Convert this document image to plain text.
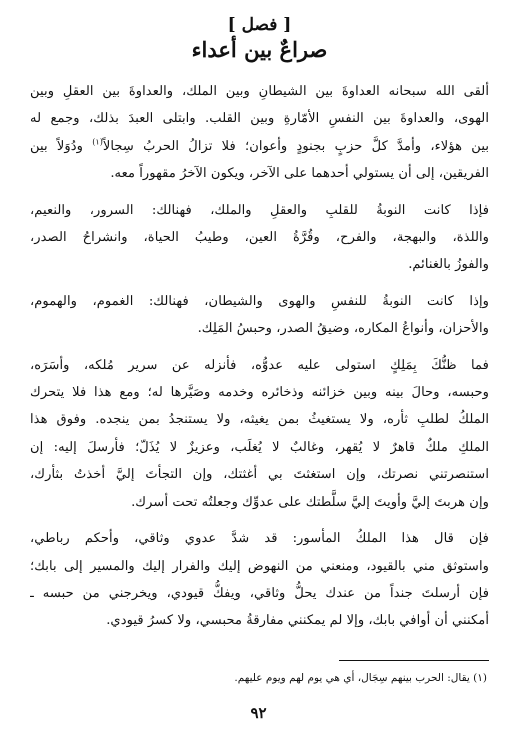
[ فصل ]
صراعٌ بين أعداء
ألقى الله سبحانه العداوةَ بين الشيطانِ وبين الملك، والعداوةَ بين العقلِ وبين
الهوى، والعداوةَ بين النفسِ الأمّارةِ وبين القلب. وابتلى العبدَ بذلك، وجمع له
بين هؤلاء، وأمدَّ كلَّ حزبٍ بجنودٍ وأعوان؛ فلا تزالُ الحربُ سِجالاً$^{(١)}$ ودُوَلاً بين
الفريقين، إلى أن يستولي أحدهما على الآخر، ويكون الآخرُ مقهوراً معه.
فإذا كانت النوبةُ للقلبِ والعقلِ والملك، فهنالك: السرور، والنعيم،
واللذة، والبهجة، والفرح، وقُرَّةُ العين، وطيبُ الحياة، وانشراحُ الصدر،
والفوزُ بالغنائم.
وإذا كانت النوبةُ للنفسِ والهوى والشيطان، فهنالك: الغموم، والهموم،
والأحزان، وأنواعُ المكاره، وضيقُ الصدر، وحبسُ المَلِك.
فما ظنُّكَ بِمَلِكٍ استولى عليه عدوُّه، فأنزله عن سرير مُلكه، وأسَرَه،
وحبسه، وحالَ بينه وبين خزائنه وذخائره وخدمه وصَيَّرها له؛ ومع هذا فلا يتحرك
الملكُ لطلبِ ثأره، ولا يستغيثُ بمن يغيثه، ولا يستنجدُ بمن ينجده. وفوق هذا
الملكِ ملكٌ قاهرٌ لا يُقهر، وغالبٌ لا يُغلَب، وعزيزٌ لا يُذَلّ؛ فأرسلَ إليه: إن
استنصرتني نصرتك، وإن استغثتَ بي أغثتك، وإن التجأتَ إليَّ أخذتُ بثأرك،
وإن هربتَ إليَّ وأويتَ إليَّ سلَّطتك على عدوِّك وجعلتُه تحت أسرك.
فإن قال هذا الملكُ المأسور: قد شدَّ عدوي وثاقي، وأحكم رباطي،
واستوثق مني بالقيود، ومنعني من النهوض إليك والفرار إليك والمسير إلى بابك؛
فإن أرسلتَ جنداً من عندك يحلُّ وثاقي، ويفكُّ قيودي، ويخرجني من حبسه ـ
أمكنني أن أوافي بابك، وإلا لم يمكنني مفارقةُ محبسي، ولا كسرُ قيودي.
(١) يقال: الحرب بينهم سِجَال، أي هي يوم لهم ويوم عليهم.
٩٢
